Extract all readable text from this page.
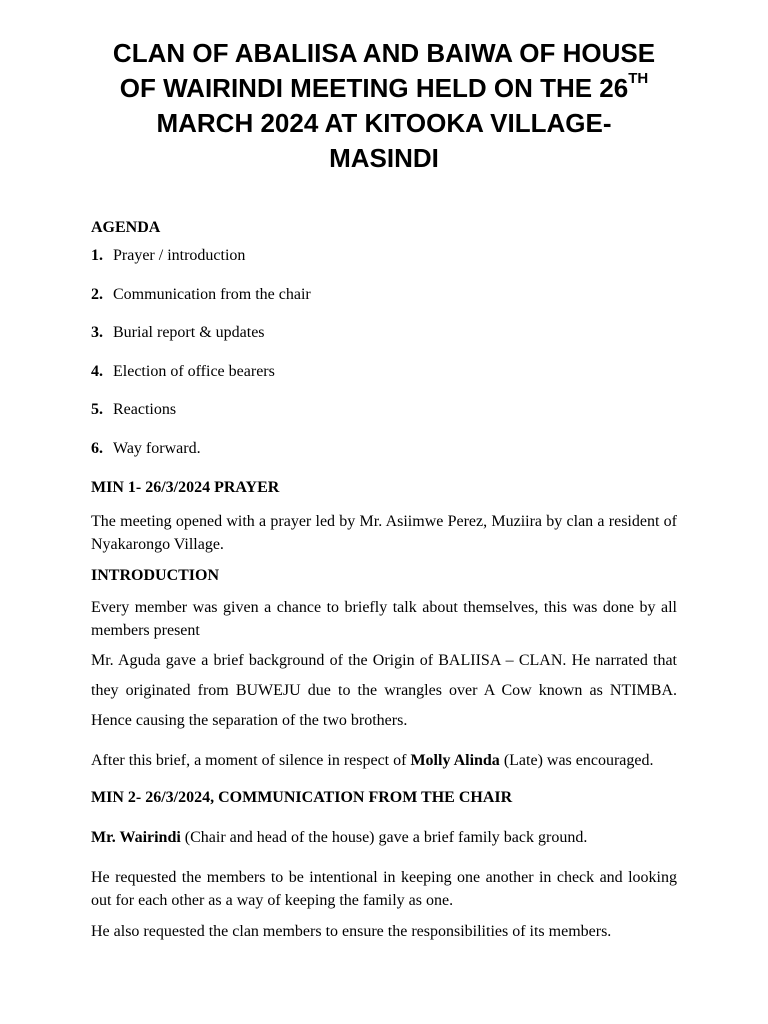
CLAN OF ABALIISA AND BAIWA OF HOUSE
OF WAIRINDI MEETING HELD ON THE 26TH
MARCH 2024 AT KITOOKA VILLAGE-
MASINDI
AGENDA
1. Prayer / introduction
2. Communication from the chair
3. Burial report & updates
4. Election of office bearers
5. Reactions
6. Way forward.
MIN 1- 26/3/2024 PRAYER

The meeting opened with a prayer led by Mr. Asiimwe Perez, Muziira by clan a resident of Nyakarongo Village.

INTRODUCTION

Every member was given a chance to briefly talk about themselves, this was done by all members present

Mr. Aguda gave a brief background of the Origin of BALIISA – CLAN. He narrated that they originated from BUWEJU due to the wrangles over A Cow known as NTIMBA. Hence causing the separation of the two brothers.

After this brief, a moment of silence in respect of Molly Alinda (Late) was encouraged.

MIN 2- 26/3/2024, COMMUNICATION FROM THE CHAIR

Mr. Wairindi (Chair and head of the house) gave a brief family back ground.

He requested the members to be intentional in keeping one another in check and looking out for each other as a way of keeping the family as one.

He also requested the clan members to ensure the responsibilities of its members.
